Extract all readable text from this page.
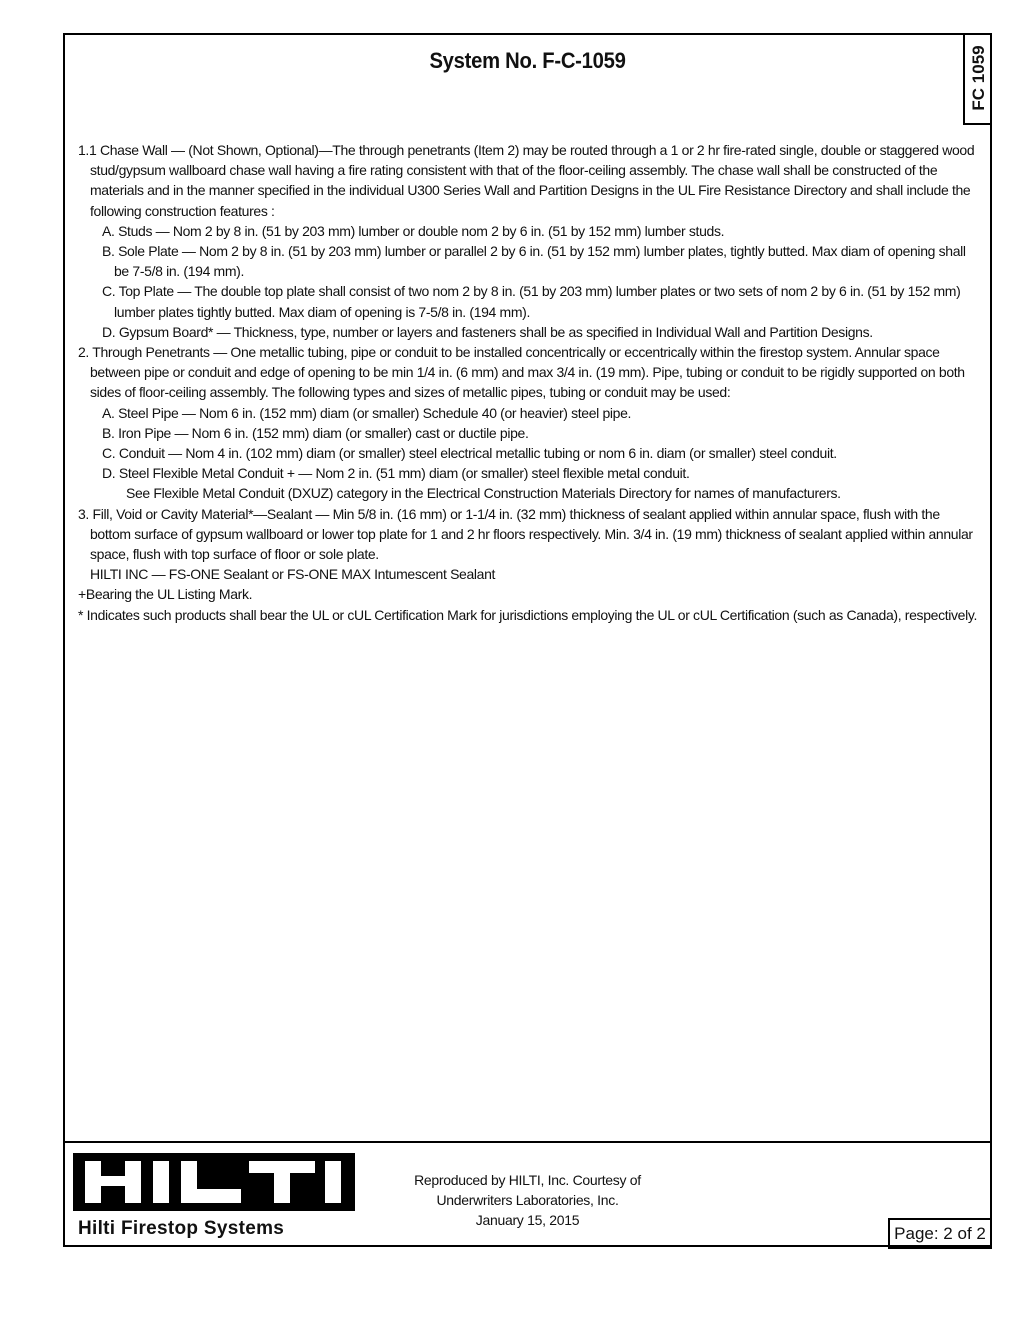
System No. F-C-1059	FC 1059

1.1 Chase Wall — (Not Shown, Optional)—The through penetrants (Item 2) may be routed through a 1 or 2 hr fire-rated single, double or staggered wood stud/gypsum wallboard chase wall having a fire rating consistent with that of the floor-ceiling assembly. The chase wall shall be constructed of the materials and in the manner specified in the individual U300 Series Wall and Partition Designs in the UL Fire Resistance Directory and shall include the following construction features :

A. Studs — Nom 2 by 8 in. (51 by 203 mm) lumber or double nom 2 by 6 in. (51 by 152 mm) lumber studs.

B. Sole Plate — Nom 2 by 8 in. (51 by 203 mm) lumber or parallel 2 by 6 in. (51 by 152 mm) lumber plates, tightly butted. Max diam of opening shall be 7-5/8 in. (194 mm).

C. Top Plate — The double top plate shall consist of two nom 2 by 8 in. (51 by 203 mm) lumber plates or two sets of nom 2 by 6 in. (51 by 152 mm) lumber plates tightly butted. Max diam of opening is 7-5/8 in. (194 mm).

D. Gypsum Board* — Thickness, type, number or layers and fasteners shall be as specified in Individual Wall and Partition Designs.

2. Through Penetrants — One metallic tubing, pipe or conduit to be installed concentrically or eccentrically within the firestop system. Annular space between pipe or conduit and edge of opening to be min 1/4 in. (6 mm) and max 3/4 in. (19 mm). Pipe, tubing or conduit to be rigidly supported on both sides of floor-ceiling assembly. The following types and sizes of metallic pipes, tubing or conduit may be used:

A. Steel Pipe — Nom 6 in. (152 mm) diam (or smaller) Schedule 40 (or heavier) steel pipe.

B. Iron Pipe — Nom 6 in. (152 mm) diam (or smaller) cast or ductile pipe.

C. Conduit — Nom 4 in. (102 mm) diam (or smaller) steel electrical metallic tubing or nom 6 in. diam (or smaller) steel conduit.

D. Steel Flexible Metal Conduit + — Nom 2 in. (51 mm) diam (or smaller) steel flexible metal conduit.

See Flexible Metal Conduit (DXUZ) category in the Electrical Construction Materials Directory for names of manufacturers.

3. Fill, Void or Cavity Material*—Sealant — Min 5/8 in. (16 mm) or 1-1/4 in. (32 mm) thickness of sealant applied within annular space, flush with the bottom surface of gypsum wallboard or lower top plate for 1 and 2 hr floors respectively. Min. 3/4 in. (19 mm) thickness of sealant applied within annular space, flush with top surface of floor or sole plate.

HILTI INC — FS-ONE Sealant or FS-ONE MAX Intumescent Sealant

+Bearing the UL Listing Mark.

* Indicates such products shall bear the UL or cUL Certification Mark for jurisdictions employing the UL or cUL Certification (such as Canada), respectively.

Hilti Firestop Systems
Reproduced by HILTI, Inc. Courtesy of
Underwriters Laboratories, Inc.
January 15, 2015
Page: 2 of 2
